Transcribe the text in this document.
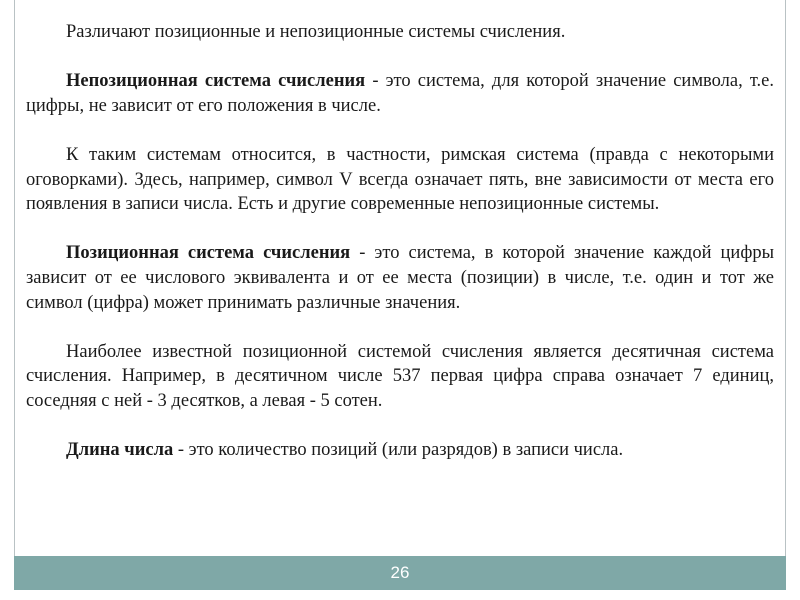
Различают позиционные и непозиционные системы счисления.

Непозиционная система счисления - это система, для которой значение символа, т.е. цифры, не зависит от его положения в числе.

К таким системам относится, в частности, римская система (правда с некоторыми оговорками). Здесь, например, символ V всегда означает пять, вне зависимости от места его появления в записи числа. Есть и другие современные непозиционные системы.

Позиционная система счисления - это система, в которой значение каждой цифры зависит от ее числового эквивалента и от ее места (позиции) в числе, т.е. один и тот же символ (цифра) может принимать различные значения.

Наиболее известной позиционной системой счисления является десятичная система счисления. Например, в десятичном числе 537 первая цифра справа означает 7 единиц, соседняя с ней - 3 десятков, а левая - 5 сотен.

Длина числа - это количество позиций (или разрядов) в записи числа.

26
